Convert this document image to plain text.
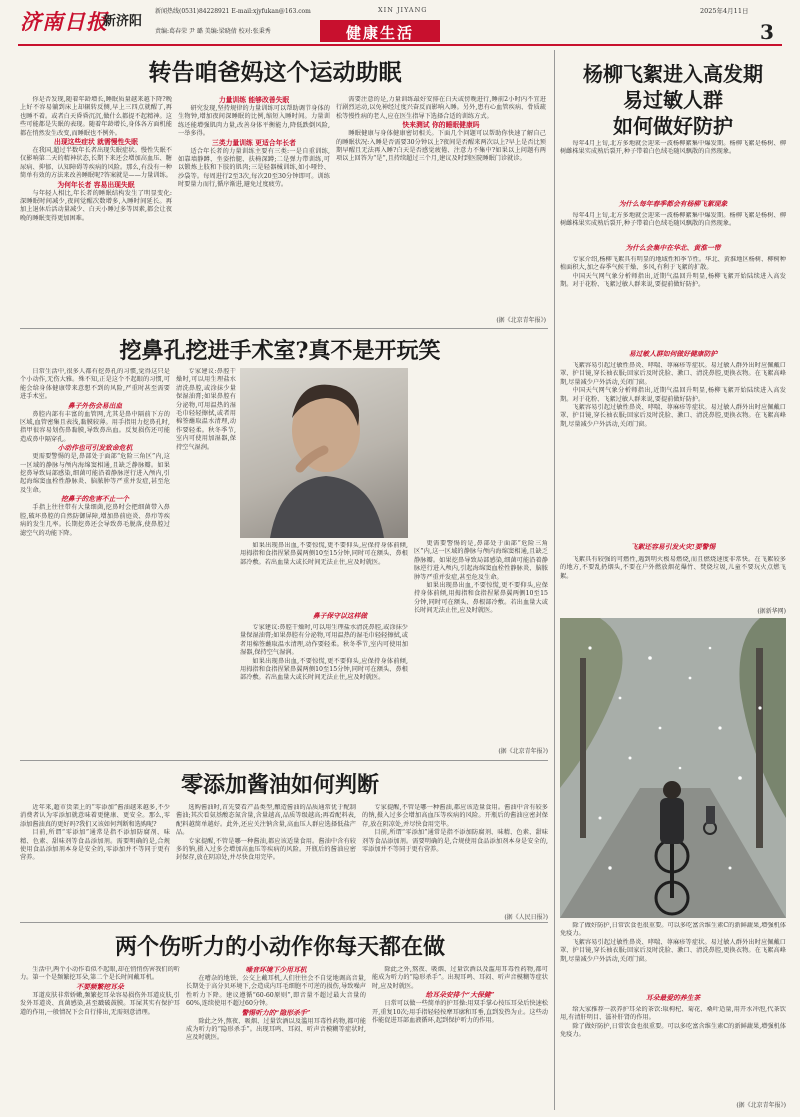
济南日报
新济阳
新闻热线(0531)84228921 E-mail:xjyfukan@163.com
责编:葛春荣 尹 璐 美编:梁晓倩 校对:张秉秀
XIN JIYANG
健康生活
2025年4月11日
3
转告咱爸妈这个运动助眠

你是否发现,随着年龄增长,睡眠质量越来越下降?晚上好不容易躺到床上却辗转反侧,早上三四点就醒了,再也睡不着。或者白天昏昏沉沉,做什么都提不起精神。这些可能都是失眠的表现。随着年龄增长,身体各方面机能都在悄然发生改变,而睡眠也不例外。

出现这些症状 就需慢性失眠

在我国,超过半数年长者出现失眠症状。慢性失眠不仅影响第二天的精神状态,长期下来还会增加高血压、糖尿病、抑郁、认知障碍等疾病的风险。那么,有没有一种简单有效的方法来改善睡眠呢?答案就是——力量训练。

为何年长者 容易出现失眠

与年轻人相比,年长者的睡眠结构发生了明显变化:深睡眠时间减少,夜间觉醒次数增多,入睡时间延长。再加上退休后活动量减少、白天小睡过多等因素,都会让夜晚的睡眠变得更加困难。

力量训练 能够改善失眠

研究发现,坚持规律的力量训练可以帮助调节身体的生物钟,增加夜间深睡眠的比例,缩短入睡时间。力量训练还能增强肌肉力量,改善身体平衡能力,降低跌倒风险,一举多得。

三类力量训练 更适合年长者

适合年长者的力量训练主要有三类:一是自重训练,如靠墙静蹲、坐姿抬腿、扶椅深蹲;二是弹力带训练,可以锻炼上肢和下肢的肌肉;三是轻器械训练,如小哑铃、沙袋等。每周进行2至3次,每次20至30分钟即可。训练时要量力而行,循序渐进,避免过度疲劳。

需要注意的是,力量训练最好安排在白天或傍晚进行,睡前2小时内不宜进行剧烈运动,以免神经过度兴奋反而影响入睡。另外,患有心血管疾病、骨质疏松等慢性病的老人,应在医生指导下选择合适的训练方式。

快来测试 你的睡眠健康吗

睡眠健康与身体健康密切相关。下面几个问题可以帮助你快速了解自己的睡眠状况:入睡是否需要30分钟以上?夜间是否醒来两次以上?早上是否比预期早醒且无法再入睡?白天是否感觉疲倦、注意力不集中?如果以上问题有两项以上回答为“是”,且持续超过三个月,建议及时到医院睡眠门诊就诊。

(据《北京青年报》)
挖鼻孔挖进手术室?真不是开玩笑

日常生活中,很多人都有挖鼻孔的习惯,觉得这只是个小动作,无伤大雅。殊不知,正是这个不起眼的习惯,可能会给身体健康带来意想不到的风险,严重时甚至需要进手术室。

鼻子外伤会易出血

鼻腔内部有丰富的血管网,尤其是鼻中隔前下方的区域,血管密集且表浅,黏膜较薄。用手指用力挖鼻孔时,指甲很容易划伤鼻黏膜,导致鼻出血。反复损伤还可能造成鼻中隔穿孔。

小动作也可引发致命危机

更需要警惕的是,鼻部处于面部“危险三角区”内,这一区域的静脉与颅内海绵窦相通,且缺乏静脉瓣。如果挖鼻导致局部感染,细菌可能沿着静脉逆行进入颅内,引起海绵窦血栓性静脉炎、脑脓肿等严重并发症,甚至危及生命。

挖鼻子的危害不止一个

手指上往往带有大量细菌,挖鼻时会把细菌带入鼻腔,破坏鼻腔的自然防御屏障,增加鼻前庭炎、鼻疖等疾病的发生几率。长期挖鼻还会导致鼻毛脱落,使鼻腔过滤空气的功能下降。

专家建议:鼻腔干燥时,可以用生理盐水清洗鼻腔,或涂抹少量保湿油膏;如果鼻腔有分泌物,可用温热的湿毛巾轻轻擦拭,或者用棉签蘸取温水清理,动作要轻柔。秋冬季节,室内可使用加湿器,保持空气湿润。

如果出现鼻出血,不要惊慌,更不要仰头,应保持身体前倾,用拇指和食指捏紧鼻翼两侧10至15分钟,同时可在额头、鼻根部冷敷。若出血量大或长时间无法止住,应及时就医。

鼻子保守以这样做

专家建议:鼻腔干燥时,可以用生理盐水清洗鼻腔,或涂抹少量保湿油膏;如果鼻腔有分泌物,可用温热的湿毛巾轻轻擦拭,或者用棉签蘸取温水清理,动作要轻柔。秋冬季节,室内可使用加湿器,保持空气湿润。

如果出现鼻出血,不要惊慌,更不要仰头,应保持身体前倾,用拇指和食指捏紧鼻翼两侧10至15分钟,同时可在额头、鼻根部冷敷。若出血量大或长时间无法止住,应及时就医。

更需要警惕的是,鼻部处于面部“危险三角区”内,这一区域的静脉与颅内海绵窦相通,且缺乏静脉瓣。如果挖鼻导致局部感染,细菌可能沿着静脉逆行进入颅内,引起海绵窦血栓性静脉炎、脑脓肿等严重并发症,甚至危及生命。

如果出现鼻出血,不要惊慌,更不要仰头,应保持身体前倾,用拇指和食指捏紧鼻翼两侧10至15分钟,同时可在额头、鼻根部冷敷。若出血量大或长时间无法止住,应及时就医。

(据《北京青年报》)
零添加酱油如何判断

近年来,超市货架上的“零添加”酱油越来越多,不少消费者认为零添加就意味着更健康、更安全。那么,零添加酱油真的更好吗?我们又该如何判断和选购呢?

目前,所谓“零添加”通常是指不添加防腐剂、味精、色素、甜味剂等食品添加剂。需要明确的是,合规使用食品添加剂本身是安全的,零添加并不等同于更有营养。

选购酱油时,首先要看产品类型,酿造酱油的品质通常优于配制酱油;其次看氨基酸态氮含量,含量越高,品质等级越高;再看配料表,配料越简单越好。此外,还应关注钠含量,高血压人群应选择低盐产品。

专家提醒,不管是哪一种酱油,都应该适量食用。酱油中含有较多的钠,摄入过多会增加高血压等疾病的风险。开瓶后的酱油应密封保存,放在阴凉处,并尽快食用完毕。

专家提醒,不管是哪一种酱油,都应该适量食用。酱油中含有较多的钠,摄入过多会增加高血压等疾病的风险。开瓶后的酱油应密封保存,放在阴凉处,并尽快食用完毕。

目前,所谓“零添加”通常是指不添加防腐剂、味精、色素、甜味剂等食品添加剂。需要明确的是,合规使用食品添加剂本身是安全的,零添加并不等同于更有营养。

(据《人民日报》)
两个伤听力的小动作你每天都在做

生活中,两个小动作看似不起眼,却在悄悄伤害我们的听力。第一个是频繁挖耳朵,第二个是长时间戴耳机。

不要频繁挖耳朵

耳道皮肤非常娇嫩,频繁挖耳朵容易损伤外耳道皮肤,引发外耳道炎、真菌感染,甚至戳破鼓膜。耳屎其实有保护耳道的作用,一般情况下会自行排出,无需刻意清理。

噪音环境下少用耳机

在嘈杂的地铁、公交上戴耳机,人们往往会不自觉地调高音量,长期处于高分贝环境下,会造成内耳毛细胞不可逆的损伤,导致噪声性听力下降。建议遵循“60-60原则”,即音量不超过最大音量的60%,连续使用不超过60分钟。

警惕听力的“隐形杀手”

除此之外,熬夜、吸烟、过量饮酒以及滥用耳毒性药物,都可能成为听力的“隐形杀手”。出现耳鸣、耳闷、听声音模糊等症状时,应及时就医。

除此之外,熬夜、吸烟、过量饮酒以及滥用耳毒性药物,都可能成为听力的“隐形杀手”。出现耳鸣、耳闷、听声音模糊等症状时,应及时就医。

给耳朵安排个“大保健”

日常可以做一些简单的护耳操:用双手掌心按压耳朵后快速松开,重复10次;用手指轻轻按摩耳廓和耳垂,直到发热为止。这些动作能促进耳部血液循环,起到保护听力的作用。

杨柳飞絮进入高发期
易过敏人群
如何做好防护

每年4月上旬,北方多地就会迎来一波杨柳絮集中爆发期。杨柳飞絮是杨树、柳树雌株果实成熟后裂开,种子带着白色绒毛随风飘散的自然现象。

为什么每年春季都会有杨柳飞絮现象

每年4月上旬,北方多地就会迎来一波杨柳絮集中爆发期。杨柳飞絮是杨树、柳树雌株果实成熟后裂开,种子带着白色绒毛随风飘散的自然现象。

为什么会集中在华北、黄淮一带

专家介绍,杨柳飞絮具有明显的地域性和季节性。华北、黄淮地区杨树、柳树种植面积大,加之春季气候干燥、多风,有利于飞絮的扩散。

中国天气网气象分析师指出,近期气温回升明显,杨柳飞絮开始陆续进入高发期。对于花粉、飞絮过敏人群来说,要提前做好防护。

易过敏人群如何做好健康防护

飞絮容易引起过敏性鼻炎、哮喘、荨麻疹等症状。易过敏人群外出时应佩戴口罩、护目镜,穿长袖衣服;回家后及时洗脸、漱口、清洗鼻腔,更换衣物。在飞絮高峰期,尽量减少户外活动,关闭门窗。

中国天气网气象分析师指出,近期气温回升明显,杨柳飞絮开始陆续进入高发期。对于花粉、飞絮过敏人群来说,要提前做好防护。

飞絮容易引起过敏性鼻炎、哮喘、荨麻疹等症状。易过敏人群外出时应佩戴口罩、护目镜,穿长袖衣服;回家后及时洗脸、漱口、清洗鼻腔,更换衣物。在飞絮高峰期,尽量减少户外活动,关闭门窗。

飞絮还容易引发火灾!要警惕

飞絮具有较强的可燃性,遇到明火极易燃烧,而且燃烧速度非常快。在飞絮较多的地方,不要乱扔烟头,不要在户外燃放烟花爆竹、焚烧垃圾,儿童不要玩火点燃飞絮。

(据新华网)

除了做好防护,日常饮食也很重要。可以多吃富含维生素C的新鲜蔬果,增强机体免疫力。

飞絮容易引起过敏性鼻炎、哮喘、荨麻疹等症状。易过敏人群外出时应佩戴口罩、护目镜,穿长袖衣服;回家后及时洗脸、漱口、清洗鼻腔,更换衣物。在飞絮高峰期,尽量减少户外活动,关闭门窗。

耳朵最爱的养生茶

给大家推荐一款养护耳朵的茶饮:取枸杞、菊花、桑叶适量,用开水冲泡,代茶饮用,有清肝明目、滋补肝肾的作用。

除了做好防护,日常饮食也很重要。可以多吃富含维生素C的新鲜蔬果,增强机体免疫力。

(据《北京青年报》)
